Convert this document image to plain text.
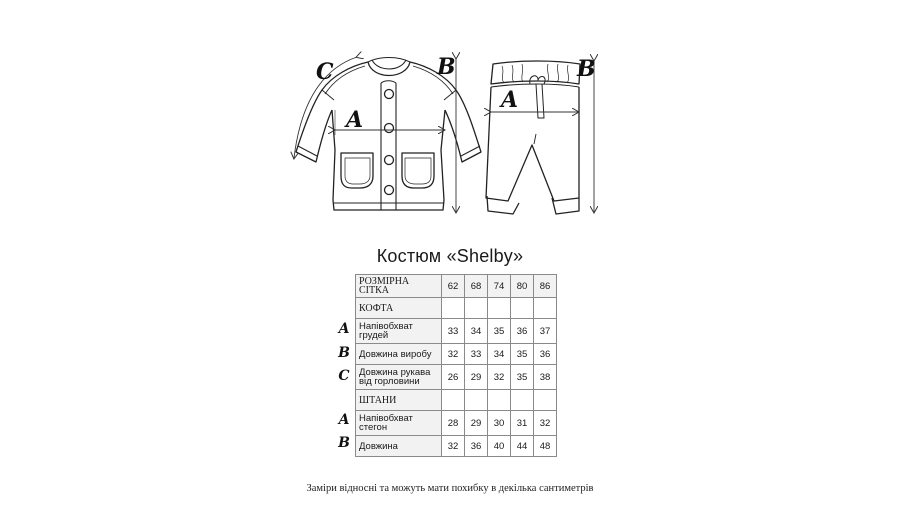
C
A
B
A
B
Костюм «Shelby»
A
B
C
A
B
РОЗМІРНА СІТКА	62	68	74	80	86
КОФТА					
Напівобхват
грудей	33	34	35	36	37
Довжина виробу	32	33	34	35	36
Довжина рукава
від горловини	26	29	32	35	38
ШТАНИ					
Напівобхват
стегон	28	29	30	31	32
Довжина	32	36	40	44	48
Заміри відносні та можуть мати похибку в декілька сантиметрів
